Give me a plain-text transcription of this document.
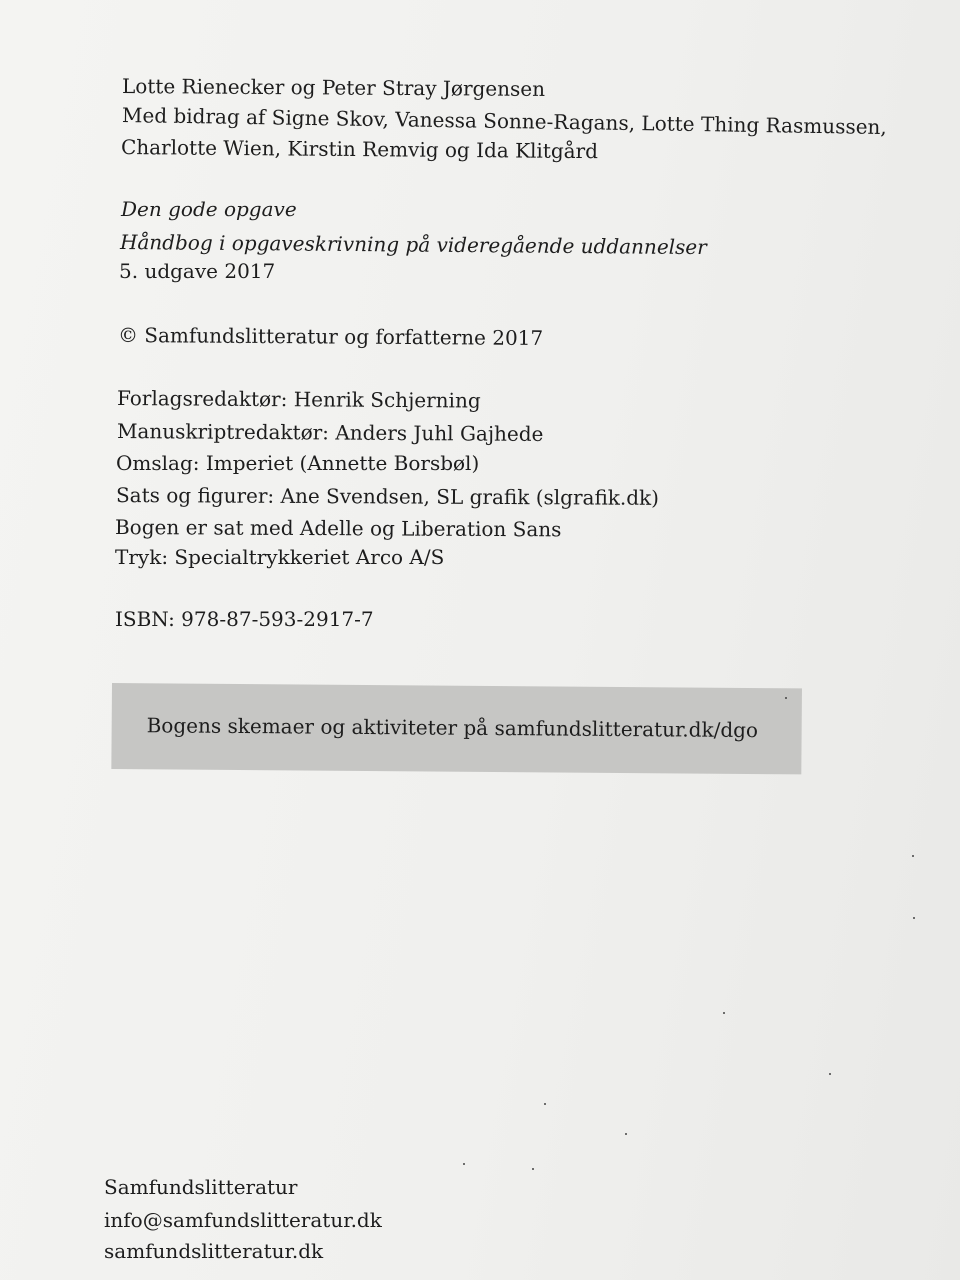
Lotte Rienecker og Peter Stray Jørgensen
Med bidrag af Signe Skov, Vanessa Sonne-Ragans, Lotte Thing Rasmussen,
Charlotte Wien, Kirstin Remvig og Ida Klitgård
Den gode opgave
Håndbog i opgaveskrivning på videregående uddannelser
5. udgave 2017
© Samfundslitteratur og forfatterne 2017
Forlagsredaktør: Henrik Schjerning
Manuskriptredaktør: Anders Juhl Gajhede
Omslag: Imperiet (Annette Borsbøl)
Sats og figurer: Ane Svendsen, SL grafik (slgrafik.dk)
Bogen er sat med Adelle og Liberation Sans
Tryk: Specialtrykkeriet Arco A/S
ISBN: 978-87-593-2917-7
Bogens skemaer og aktiviteter på samfundslitteratur.dk/dgo
Samfundslitteratur
info@samfundslitteratur.dk
samfundslitteratur.dk
